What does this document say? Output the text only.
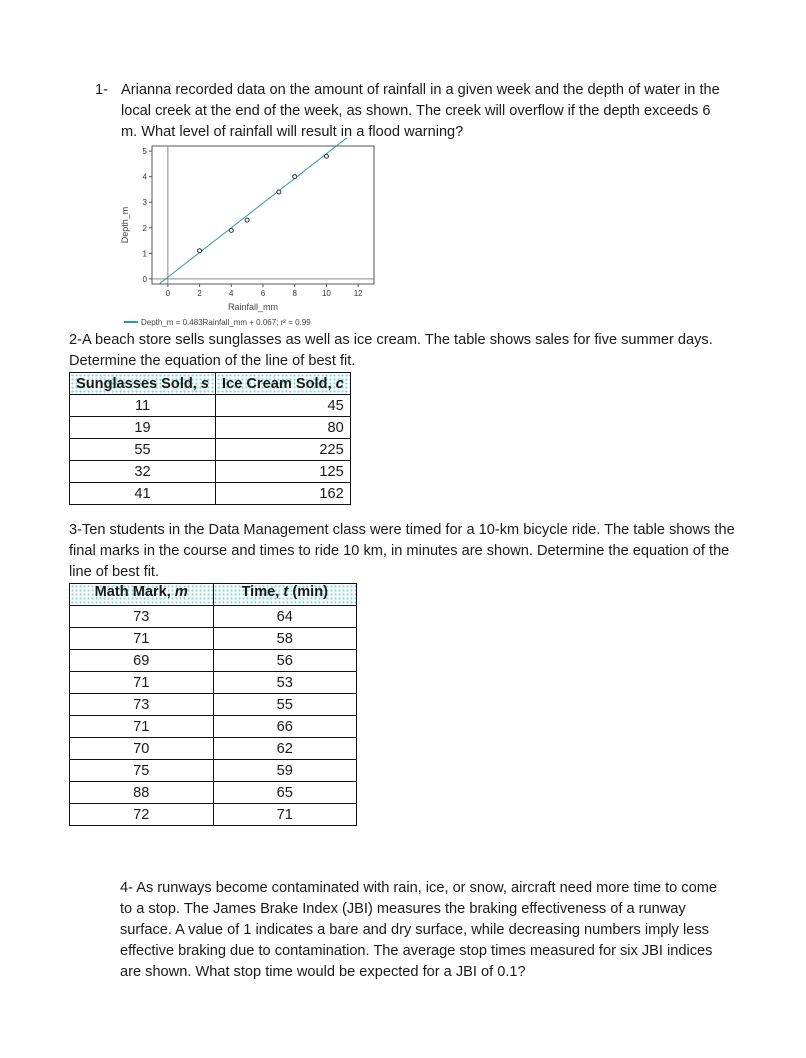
1- Arianna recorded data on the amount of rainfall in a given week and the depth of water in the local creek at the end of the week, as shown. The creek will overflow if the depth exceeds 6 m. What level of rainfall will result in a flood warning?
0	2	4	6	8	10	12
0
1
2
3
4
5
Rainfall_mm
Depth_m
Depth_m = 0.483Rainfall_mm + 0.067; r² = 0.99
2-A beach store sells sunglasses as well as ice cream. The table shows sales for five summer days. Determine the equation of the line of best fit.
Sunglasses Sold, s	Ice Cream Sold, c
11	45
19	80
55	225
32	125
41	162
3-Ten students in the Data Management class were timed for a 10-km bicycle ride. The table shows the final marks in the course and times to ride 10 km, in minutes are shown. Determine the equation of the line of best fit.
Math Mark, m	Time, t (min)
73	64
71	58
69	56
71	53
73	55
71	66
70	62
75	59
88	65
72	71
4- As runways become contaminated with rain, ice, or snow, aircraft need more time to come to a stop. The James Brake Index (JBI) measures the braking effectiveness of a runway surface. A value of 1 indicates a bare and dry surface, while decreasing numbers imply less effective braking due to contamination. The average stop times measured for six JBI indices are shown. What stop time would be expected for a JBI of 0.1?
